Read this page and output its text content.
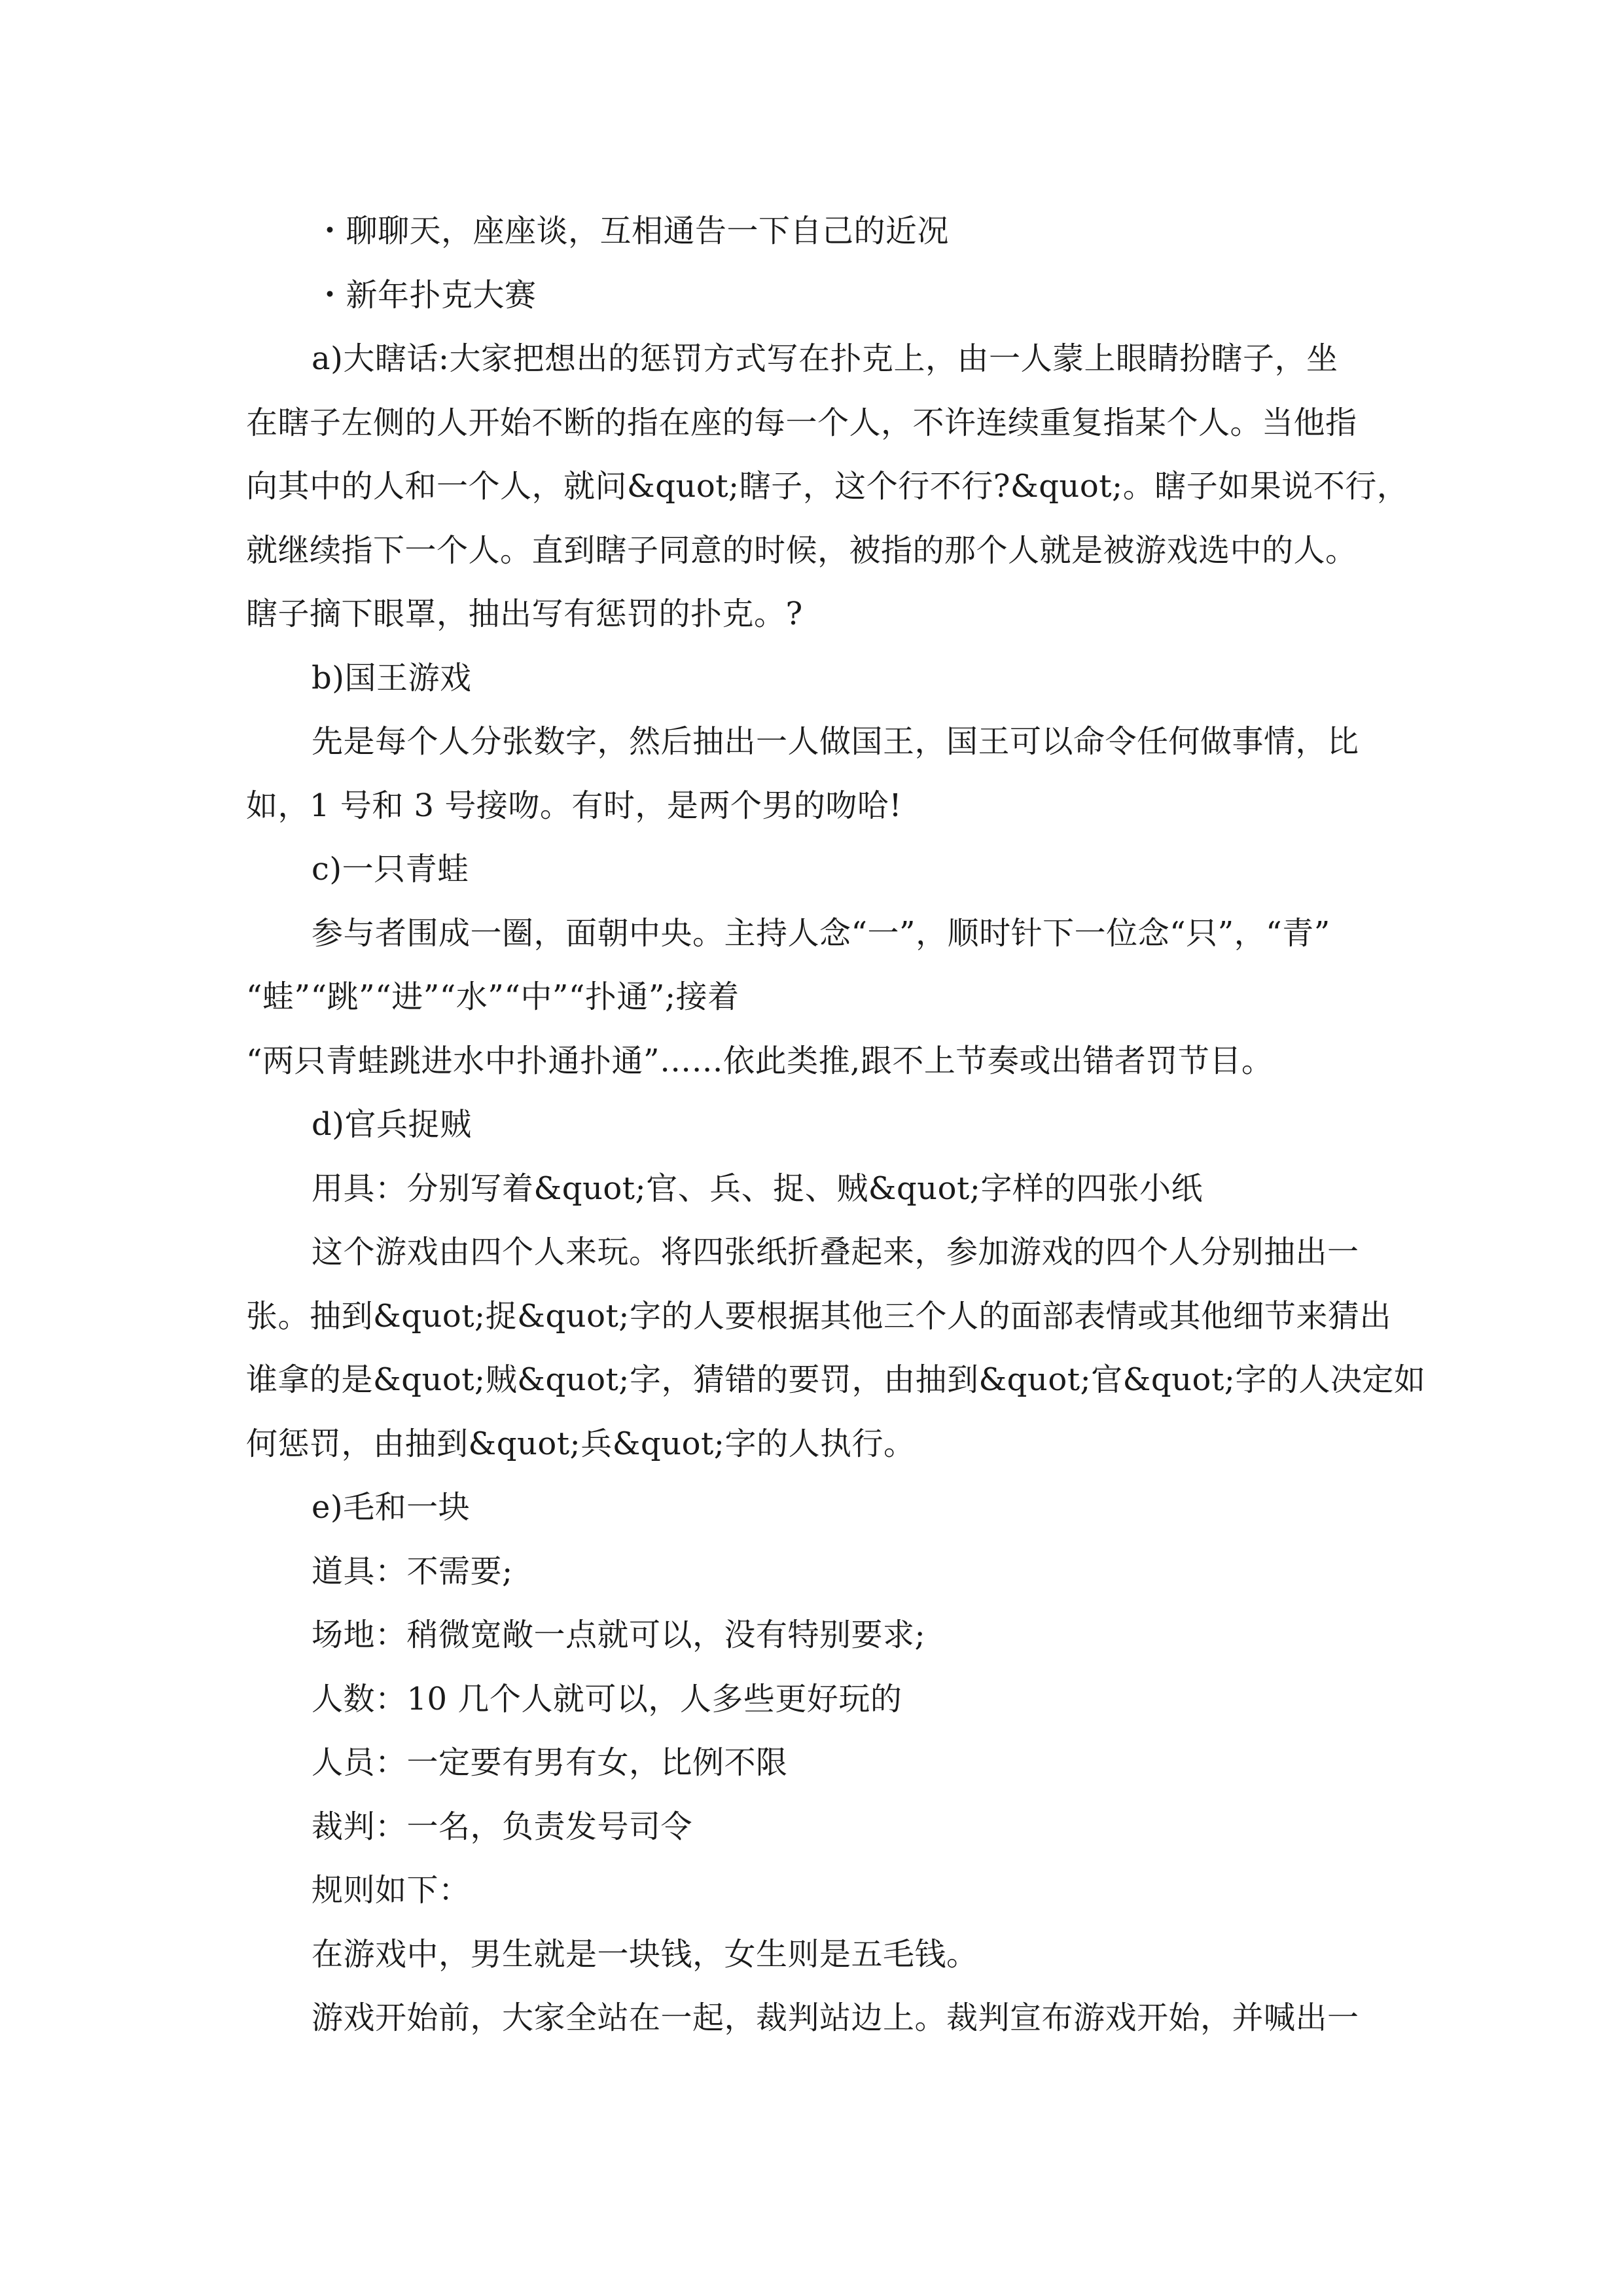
・聊聊天，座座谈，互相通告一下自己的近况
・新年扑克大赛
a)大瞎话:大家把想出的惩罚方式写在扑克上，由一人蒙上眼睛扮瞎子，坐
在瞎子左侧的人开始不断的指在座的每一个人，不许连续重复指某个人。当他指
向其中的人和一个人，就问&quot;瞎子，这个行不行?&quot;。瞎子如果说不行，
就继续指下一个人。直到瞎子同意的时候，被指的那个人就是被游戏选中的人。
瞎子摘下眼罩，抽出写有惩罚的扑克。?
b)国王游戏
先是每个人分张数字，然后抽出一人做国王，国王可以命令任何做事情，比
如，1 号和 3 号接吻。有时，是两个男的吻哈!
c)一只青蛙
参与者围成一圈，面朝中央。主持人念“一”，顺时针下一位念“只”，“青”
“蛙”“跳”“进”“水”“中”“扑通”;接着
“两只青蛙跳进水中扑通扑通”……依此类推,跟不上节奏或出错者罚节目。
d)官兵捉贼
用具：分别写着&quot;官、兵、捉、贼&quot;字样的四张小纸
这个游戏由四个人来玩。将四张纸折叠起来，参加游戏的四个人分别抽出一
张。抽到&quot;捉&quot;字的人要根据其他三个人的面部表情或其他细节来猜出
谁拿的是&quot;贼&quot;字，猜错的要罚，由抽到&quot;官&quot;字的人决定如
何惩罚，由抽到&quot;兵&quot;字的人执行。
e)毛和一块
道具：不需要;
场地：稍微宽敞一点就可以，没有特别要求;
人数：10 几个人就可以，人多些更好玩的
人员：一定要有男有女，比例不限
裁判：一名，负责发号司令
规则如下：
在游戏中，男生就是一块钱，女生则是五毛钱。
游戏开始前，大家全站在一起，裁判站边上。裁判宣布游戏开始，并喊出一
